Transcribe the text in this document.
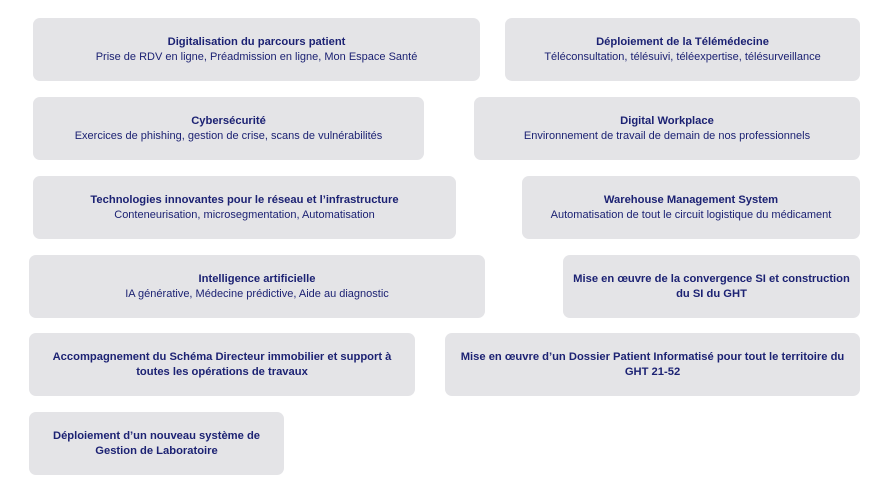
Digitalisation du parcours patient
Prise de RDV en ligne, Préadmission en ligne, Mon Espace Santé
Déploiement de la Télémédecine
Téléconsultation, télésuivi, téléexpertise, télésurveillance
Cybersécurité
Exercices de phishing, gestion de crise, scans de vulnérabilités
Digital Workplace
Environnement de travail de demain de nos professionnels
Technologies innovantes pour le réseau et l’infrastructure
Conteneurisation, microsegmentation, Automatisation
Warehouse Management System
Automatisation de tout le circuit logistique du médicament
Intelligence artificielle
IA générative, Médecine prédictive, Aide au diagnostic
Mise en œuvre de la convergence SI et construction du SI du GHT
Accompagnement du Schéma Directeur immobilier et support à toutes les opérations de travaux
Mise en œuvre d’un Dossier Patient Informatisé pour tout le territoire du GHT 21-52
Déploiement d’un nouveau système de Gestion de Laboratoire
